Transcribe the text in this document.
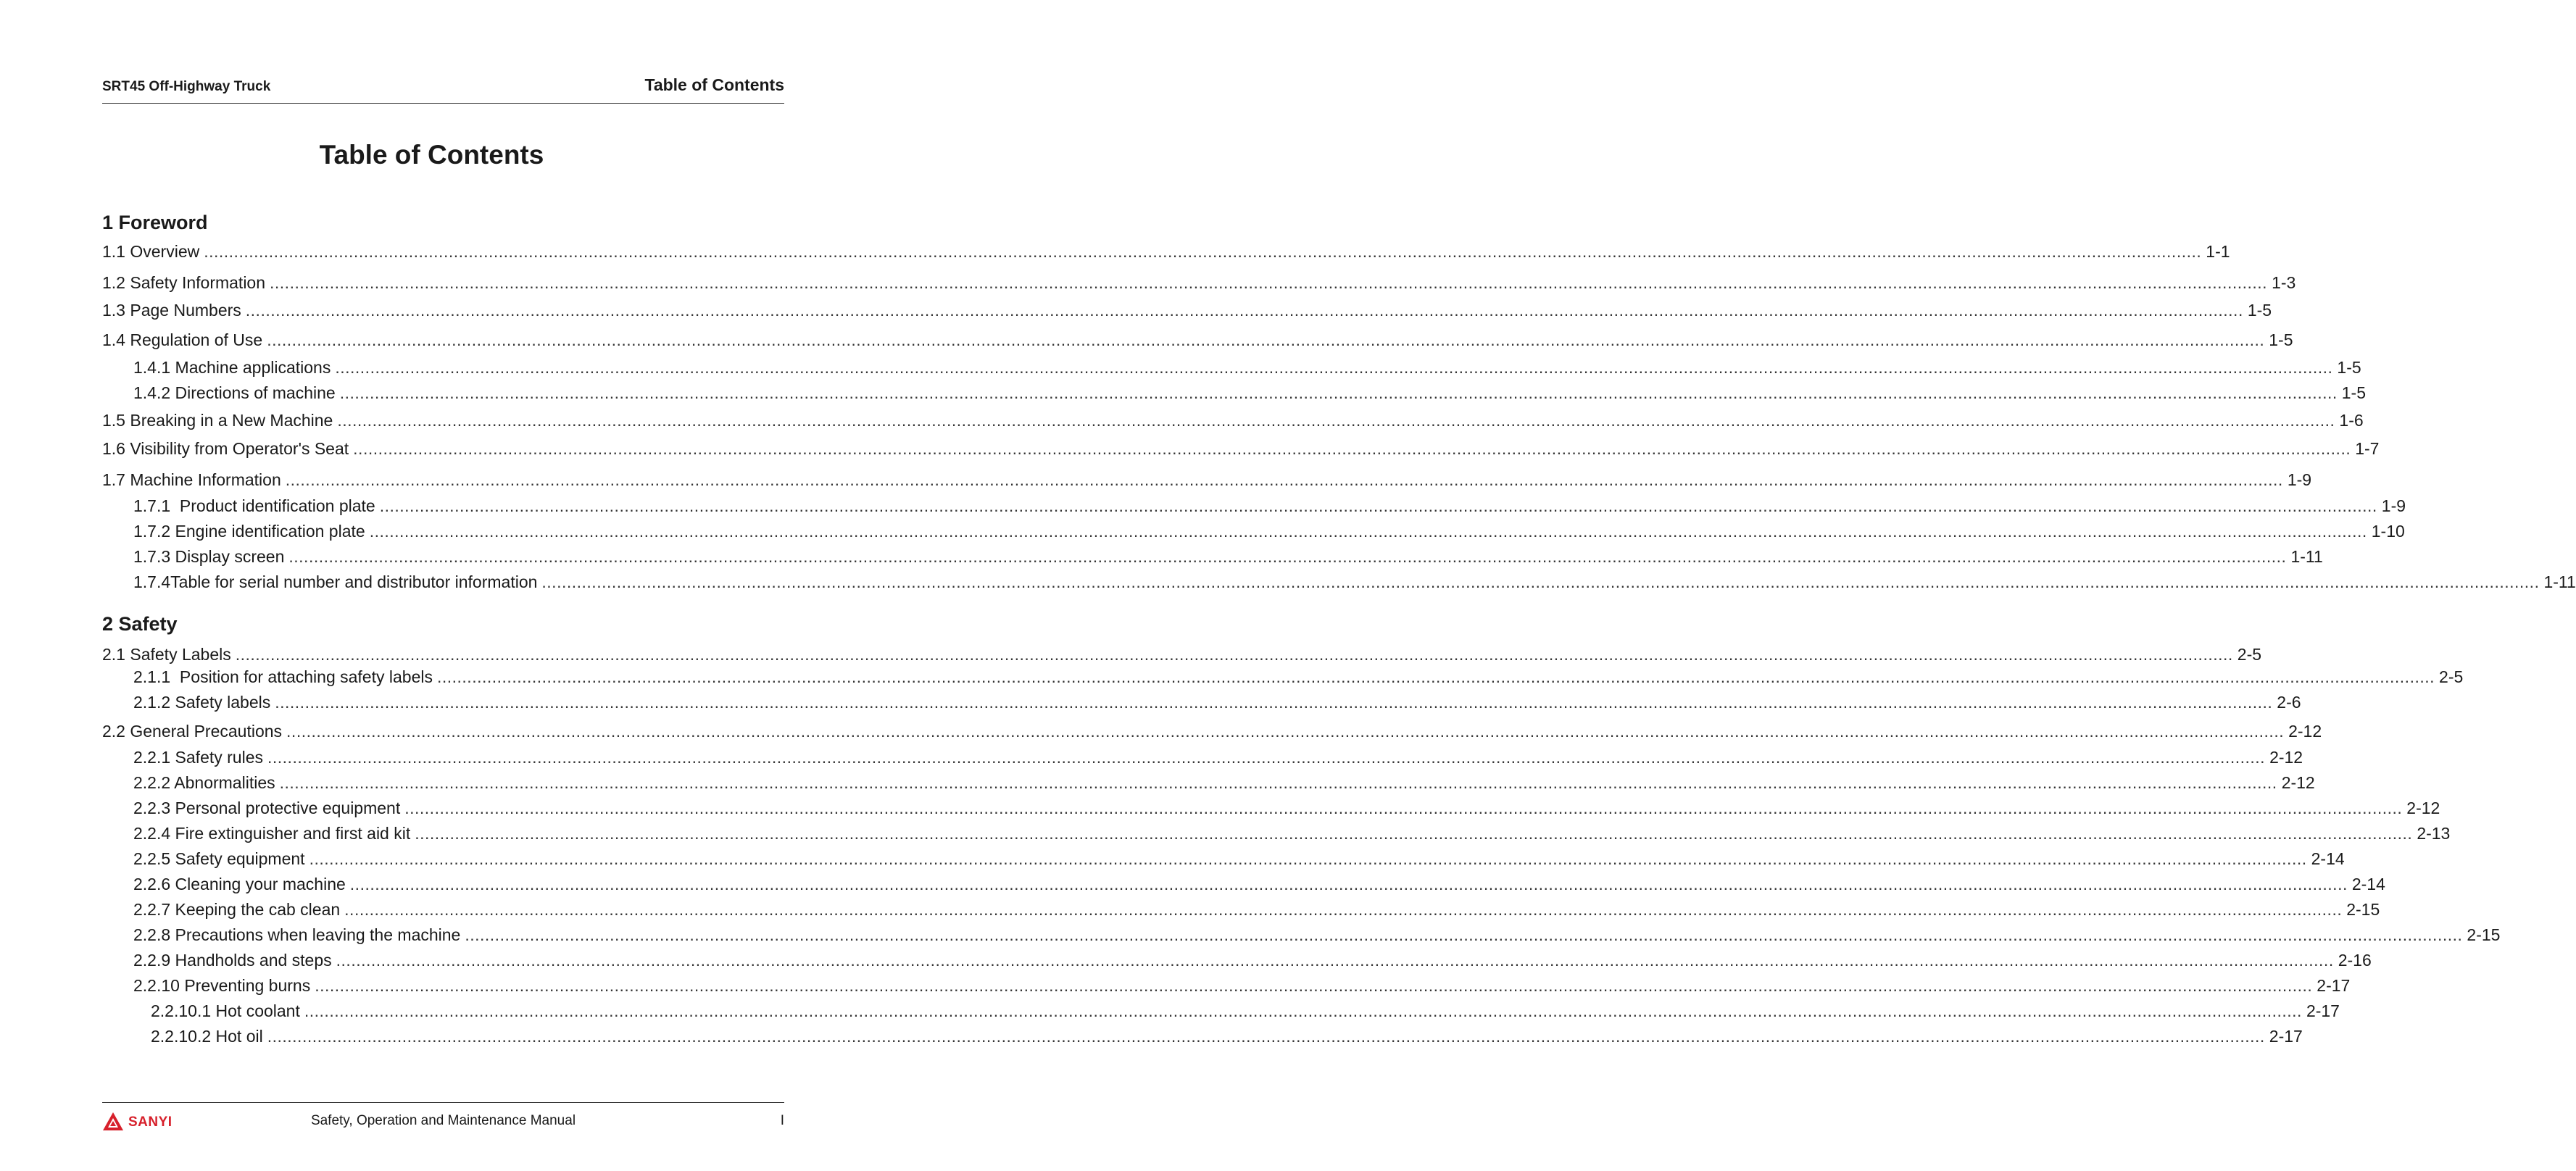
SRT45 Off-Highway Truck	Table of Contents
Table of Contents
1 Foreword
1.1 Overview ................................................................................................................................................................................................................................................................................................................................................................................................................ 1-1
1.2 Safety Information ................................................................................................................................................................................................................................................................................................................................................................................................................ 1-3
1.3 Page Numbers ................................................................................................................................................................................................................................................................................................................................................................................................................ 1-5
1.4 Regulation of Use ................................................................................................................................................................................................................................................................................................................................................................................................................ 1-5
1.4.1 Machine applications ................................................................................................................................................................................................................................................................................................................................................................................................................ 1-5
1.4.2 Directions of machine ................................................................................................................................................................................................................................................................................................................................................................................................................ 1-5
1.5 Breaking in a New Machine ................................................................................................................................................................................................................................................................................................................................................................................................................ 1-6
1.6 Visibility from Operator's Seat ................................................................................................................................................................................................................................................................................................................................................................................................................ 1-7
1.7 Machine Information ................................................................................................................................................................................................................................................................................................................................................................................................................ 1-9
1.7.1  Product identification plate ................................................................................................................................................................................................................................................................................................................................................................................................................ 1-9
1.7.2 Engine identification plate ................................................................................................................................................................................................................................................................................................................................................................................................................ 1-10
1.7.3 Display screen ................................................................................................................................................................................................................................................................................................................................................................................................................ 1-11
1.7.4Table for serial number and distributor information ................................................................................................................................................................................................................................................................................................................................................................................................................ 1-11
2 Safety
2.1 Safety Labels ................................................................................................................................................................................................................................................................................................................................................................................................................ 2-5
2.1.1  Position for attaching safety labels ................................................................................................................................................................................................................................................................................................................................................................................................................ 2-5
2.1.2 Safety labels ................................................................................................................................................................................................................................................................................................................................................................................................................ 2-6
2.2 General Precautions ................................................................................................................................................................................................................................................................................................................................................................................................................ 2-12
2.2.1 Safety rules ................................................................................................................................................................................................................................................................................................................................................................................................................ 2-12
2.2.2 Abnormalities ................................................................................................................................................................................................................................................................................................................................................................................................................ 2-12
2.2.3 Personal protective equipment ................................................................................................................................................................................................................................................................................................................................................................................................................ 2-12
2.2.4 Fire extinguisher and first aid kit ................................................................................................................................................................................................................................................................................................................................................................................................................ 2-13
2.2.5 Safety equipment ................................................................................................................................................................................................................................................................................................................................................................................................................ 2-14
2.2.6 Cleaning your machine ................................................................................................................................................................................................................................................................................................................................................................................................................ 2-14
2.2.7 Keeping the cab clean ................................................................................................................................................................................................................................................................................................................................................................................................................ 2-15
2.2.8 Precautions when leaving the machine ................................................................................................................................................................................................................................................................................................................................................................................................................ 2-15
2.2.9 Handholds and steps ................................................................................................................................................................................................................................................................................................................................................................................................................ 2-16
2.2.10 Preventing burns ................................................................................................................................................................................................................................................................................................................................................................................................................ 2-17
2.2.10.1 Hot coolant ................................................................................................................................................................................................................................................................................................................................................................................................................ 2-17
2.2.10.2 Hot oil ................................................................................................................................................................................................................................................................................................................................................................................................................ 2-17
SANYI	Safety, Operation and Maintenance Manual	I
